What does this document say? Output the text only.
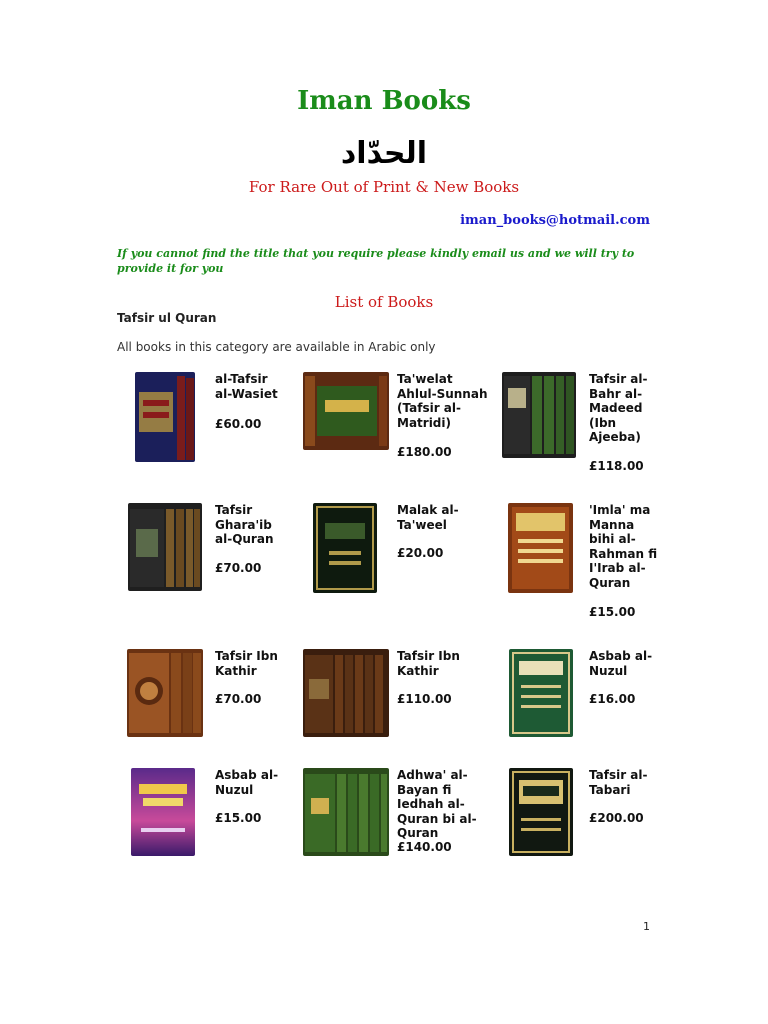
Iman Books
الحدّاد
For Rare Out of Print & New Books
iman_books@hotmail.com
If you cannot find the title that you require please kindly email us and we will try to provide it for you
List of Books
Tafsir ul Quran
All books in this category are available in Arabic only
al-Tafsir
al-Wasiet
£60.00
Ta'welat
Ahlul-Sunnah
(Tafsir al-
Matridi)
£180.00
Tafsir al-
Bahr al-
Madeed
(Ibn
Ajeeba)
£118.00
Tafsir
Ghara'ib
al-Quran
£70.00
Malak al-
Ta'weel
£20.00
'Imla' ma
Manna
bihi al-
Rahman fi
I'Irab al-
Quran
£15.00
Tafsir Ibn
Kathir
£70.00
Tafsir Ibn
Kathir
£110.00
Asbab al-
Nuzul
£16.00
Asbab al-
Nuzul
£15.00
Adhwa' al-
Bayan fi
Iedhah al-
Quran bi al-
Quran
£140.00
Tafsir al-
Tabari
£200.00
1
